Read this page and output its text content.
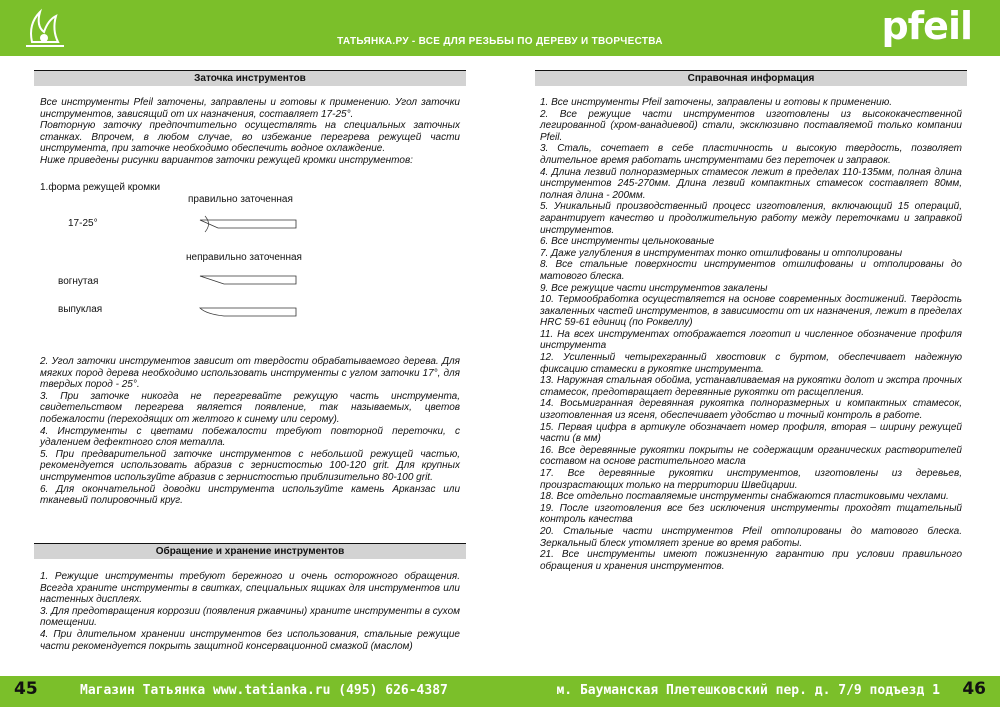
ТАТЬЯНКА.РУ - ВСЕ ДЛЯ РЕЗЬБЫ ПО ДЕРЕВУ И ТВОРЧЕСТВА	pfeil
Заточка инструментов

Все инструменты Pfeil заточены, заправлены и готовы к применению. Угол заточки инструментов, зависящий от их назначения, составляет 17-25°.

Повторную заточку предпочтительно осуществлять на специальных заточных станках. Впрочем, в любом случае, во избежание перегрева режущей части инструмента, при заточке необходимо обеспечить водное охлаждение.

Ниже приведены рисунки вариантов заточки режущей кромки инструментов:

1.форма режущей кромки
правильно заточенная
17-25°
неправильно заточенная
вогнутая
выпуклая

2. Угол заточки инструментов зависит от твердости обрабатываемого дерева. Для мягких пород дерева необходимо использовать инструменты с углом заточки 17°, для твердых пород - 25°.

3. При заточке никогда не перегревайте режущую часть инструмента, свидетельством перегрева является появление, так называемых, цветов побежалости (переходящих от желтого к синему или серому).

4. Инструменты с цветами побежалости требуют повторной переточки, с удалением дефектного слоя металла.

5. При предварительной заточке инструментов с небольшой режущей частью, рекомендуется использовать абразив с зернистостью 100-120 grit. Для крупных инструментов используйте абразив с зернистостью приблизительно 80-100 grit.

6. Для окончательной доводки инструмента используйте камень Арканзас или тканевый полировочный круг.

Обращение и хранение инструментов

1. Режущие инструменты требуют бережного и очень осторожного обращения. Всегда храните инструменты в свитках, специальных ящиках для инструментов или настенных дисплеях.

3. Для предотвращения коррозии (появления ржавчины) храните инструменты в сухом помещении.

4. При длительном хранении инструментов без использования, стальные режущие части рекомендуется покрыть защитной консервационной смазкой (маслом)

Справочная информация

1. Все инструменты Pfeil заточены, заправлены и готовы к применению.

2. Все режущие части инструментов изготовлены из высококачественной легированной (хром-ванадиевой) стали, эксклюзивно поставляемой только компании Pfeil.

3. Сталь, сочетает в себе пластичность и высокую твердость, позволяет длительное время работать инструментами без переточек и заправок.

4. Длина лезвий полноразмерных стамесок лежит в пределах 110-135мм, полная длина инструментов 245-270мм. Длина лезвий компактных стамесок составляет 80мм, полная длина - 200мм.

5. Уникальный производственный процесс изготовления, включающий 15 операций, гарантирует качество и продолжительную работу между переточками и заправкой инструментов.

6. Все инструменты цельнокованые

7. Даже углубления в инструментах тонко отшлифованы и отполированы

8. Все стальные поверхности инструментов отшлифованы и отполированы до матового блеска.

9. Все режущие части инструментов закалены

10. Термообработка осуществляется на основе современных достижений. Твердость закаленных частей инструментов, в зависимости от их назначения, лежит в пределах HRC 59-61 единиц (по Роквеллу)

11. На всех инструментах отображается логотип и численное обозначение профиля инструмента

12. Усиленный четырехгранный хвостовик с буртом, обеспечивает надежную фиксацию стамески в рукоятке инструмента.

13. Наружная стальная обойма, устанавливаемая на рукоятки долот и экстра прочных стамесок, предотвращает деревянные рукоятки от расщепления.

14. Восьмигранная деревянная рукоятка полноразмерных и компактных стамесок, изготовленная из ясеня, обеспечивает удобство и точный контроль в работе.

15. Первая цифра в артикуле обозначает номер профиля, вторая – ширину режущей части (в мм)

16. Все деревянные рукоятки покрыты не содержащим органических растворителей составом на основе растительного масла

17. Все деревянные рукоятки инструментов, изготовлены из деревьев, произрастающих только на территории Швейцарии.

18. Все отдельно поставляемые инструменты снабжаются пластиковыми чехлами.

19. После изготовления все без исключения инструменты проходят тщательный контроль качества

20. Стальные части инструментов Pfeil отполированы до матового блеска. Зеркальный блеск утомляет зрение во время работы.

21. Все инструменты имеют пожизненную гарантию при условии правильного обращения и хранения инструментов.

45	Магазин Татьянка www.tatianka.ru (495) 626-4387	м. Бауманская Плетешковский пер. д. 7/9 подъезд 1 46
